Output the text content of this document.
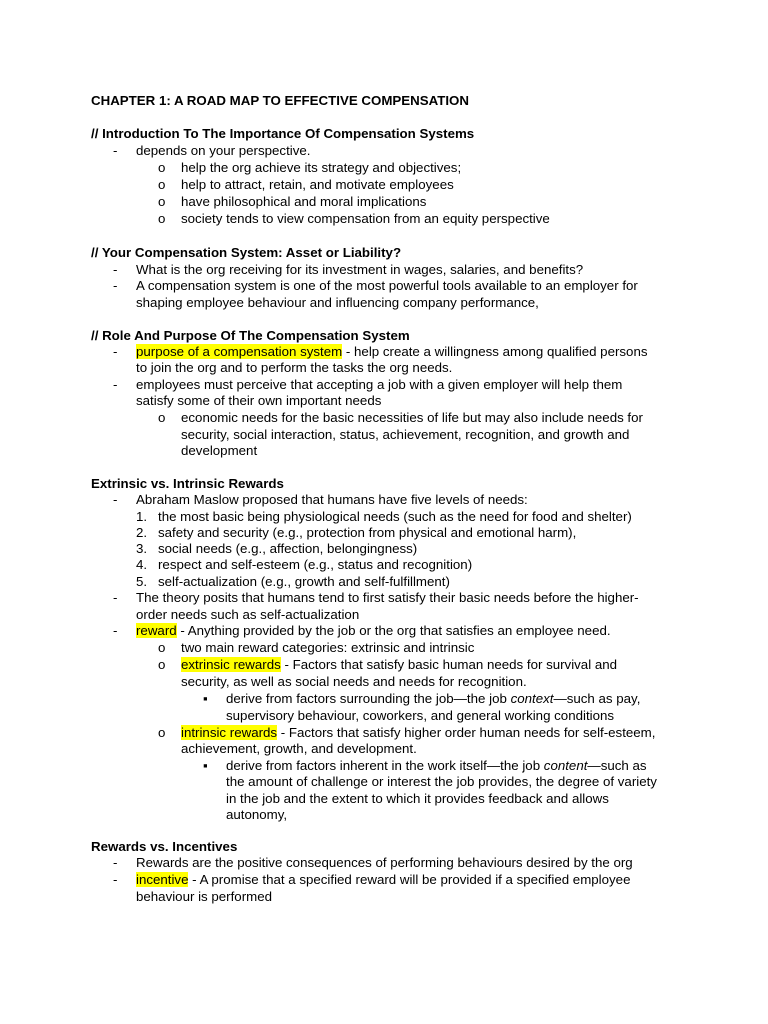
CHAPTER 1: A ROAD MAP TO EFFECTIVE COMPENSATION
// Introduction To The Importance Of Compensation Systems
- depends on your perspective.
o help the org achieve its strategy and objectives;
o help to attract, retain, and motivate employees
o have philosophical and moral implications
o society tends to view compensation from an equity perspective
// Your Compensation System: Asset or Liability?
- What is the org receiving for its investment in wages, salaries, and benefits?
- A compensation system is one of the most powerful tools available to an employer for
shaping employee behaviour and influencing company performance,
// Role And Purpose Of The Compensation System
- purpose of a compensation system - help create a willingness among qualified persons
to join the org and to perform the tasks the org needs.
- employees must perceive that accepting a job with a given employer will help them
satisfy some of their own important needs
o economic needs for the basic necessities of life but may also include needs for
security, social interaction, status, achievement, recognition, and growth and
development
Extrinsic vs. Intrinsic Rewards
- Abraham Maslow proposed that humans have five levels of needs:
1. the most basic being physiological needs (such as the need for food and shelter)
2. safety and security (e.g., protection from physical and emotional harm),
3. social needs (e.g., affection, belongingness)
4. respect and self-esteem (e.g., status and recognition)
5. self-actualization (e.g., growth and self-fulfillment)
- The theory posits that humans tend to first satisfy their basic needs before the higher-
order needs such as self-actualization
- reward - Anything provided by the job or the org that satisfies an employee need.
o two main reward categories: extrinsic and intrinsic
o extrinsic rewards - Factors that satisfy basic human needs for survival and
security, as well as social needs and needs for recognition.
▪ derive from factors surrounding the job—the job context—such as pay,
supervisory behaviour, coworkers, and general working conditions
o intrinsic rewards - Factors that satisfy higher order human needs for self-esteem,
achievement, growth, and development.
▪ derive from factors inherent in the work itself—the job content—such as
the amount of challenge or interest the job provides, the degree of variety
in the job and the extent to which it provides feedback and allows
autonomy,
Rewards vs. Incentives
- Rewards are the positive consequences of performing behaviours desired by the org
- incentive - A promise that a specified reward will be provided if a specified employee
behaviour is performed
